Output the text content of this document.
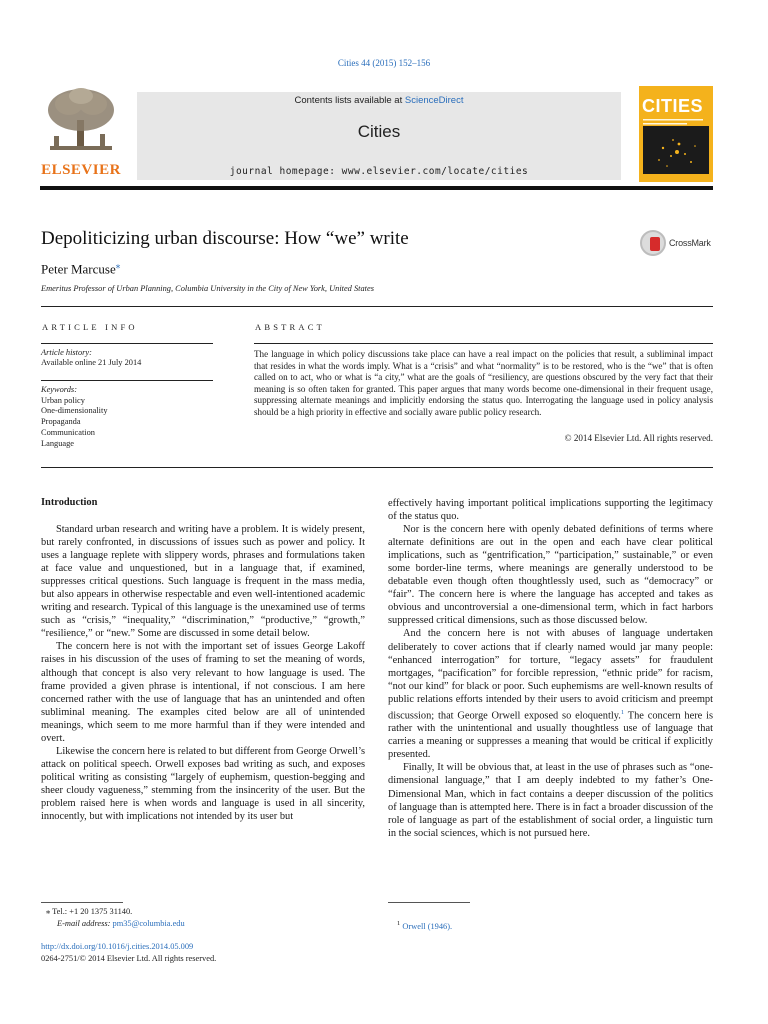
Cities 44 (2015) 152–156
ELSEVIER
Contents lists available at ScienceDirect
Cities
journal homepage: www.elsevier.com/locate/cities
CITIES
Depoliticizing urban discourse: How “we” write	CrossMark
Peter Marcuse⁎
Emeritus Professor of Urban Planning, Columbia University in the City of New York, United States
ARTICLE INFO
Article history:
Available online 21 July 2014
Keywords:
Urban policy
One-dimensionality
Propaganda
Communication
Language
ABSTRACT
The language in which policy discussions take place can have a real impact on the policies that result, a subliminal impact that resides in what the words imply. What is a “crisis” and what “normality” is to be restored, who is the “we” that is often called on to act, who or what is “a city,” what are the goals of “resiliency, are questions obscured by the very fact that their meaning is so often taken for granted. This paper argues that many words become one-dimensional in their frequent usage, suppressing alternate meanings and implicitly endorsing the status quo. Interrogating the language used in policy analysis should be a high priority in effective and socially aware public policy research.
© 2014 Elsevier Ltd. All rights reserved.
Introduction

Standard urban research and writing have a problem. It is widely present, but rarely confronted, in discussions of issues such as power and policy. It uses a language replete with slippery words, phrases and formulations taken at face value and unquestioned, but in a language that, if examined, suppresses critical questions. Such language is frequent in the mass media, but also appears in otherwise respectable and even well-intentioned academic writing and research. Typical of this language is the unexamined use of terms such as “crisis,” “inequality,” “discrimination,” “productive,” “growth,” “resilience,” or “new.” Some are discussed in some detail below.

The concern here is not with the important set of issues George Lakoff raises in his discussion of the uses of framing to set the meaning of words, although that concept is also very relevant to how language is used. The frame provided a given phrase is intentional, if not conscious. I am here concerned rather with the use of language that has an unintended and often subliminal meaning. The examples cited below are all of unintended meanings, which seem to me more harmful than if they were intended and overt.

Likewise the concern here is related to but different from George Orwell’s attack on political speech. Orwell exposes bad writing as such, and exposes political writing as consisting “largely of euphemism, question-begging and sheer cloudy vagueness,” stemming from the insincerity of the user. But the problem raised here is when words and language is used in all sincerity, innocently, but with implications not intended by its user but

effectively having important political implications supporting the legitimacy of the status quo.

Nor is the concern here with openly debated definitions of terms where alternate definitions are out in the open and each have clear political implications, such as “gentrification,” “participation,” sustainable,” or even some border-line terms, where meanings are generally understood to be debatable even though often thoughtlessly used, such as “democracy” or “fair”. The concern here is where the language has accepted and takes as obvious and uncontroversial a one-dimensional term, which in fact harbors suppressed critical dimensions, such as those discussed below.

And the concern here is not with abuses of language undertaken deliberately to cover actions that if clearly named would jar many people: “enhanced interrogation” for torture, “legacy assets” for fraudulent mortgages, “pacification” for forcible repression, “ethnic pride” for racism, “not our kind” for black or poor. Such euphemisms are well-known results of public relations efforts intended by their users to avoid criticism and preempt discussion; that George Orwell exposed so eloquently.$^1$ The concern here is rather with the unintentional and usually thoughtless use of language that carries a meaning or suppresses a meaning that would be critical if explicitly presented.

Finally, It will be obvious that, at least in the use of phrases such as “one-dimensional language,” that I am deeply indebted to my father’s One-Dimensional Man, which in fact contains a deeper discussion of the politics of language than is attempted here. There is in fact a broader discussion of the role of language as part of the establishment of social order, a linguistic turn in the social sciences, which is not pursued here.

⁎ Tel.: +1 20 1375 31140.
E-mail address: pm35@columbia.edu	$^1$ Orwell (1946).
http://dx.doi.org/10.1016/j.cities.2014.05.009
0264-2751/© 2014 Elsevier Ltd. All rights reserved.
